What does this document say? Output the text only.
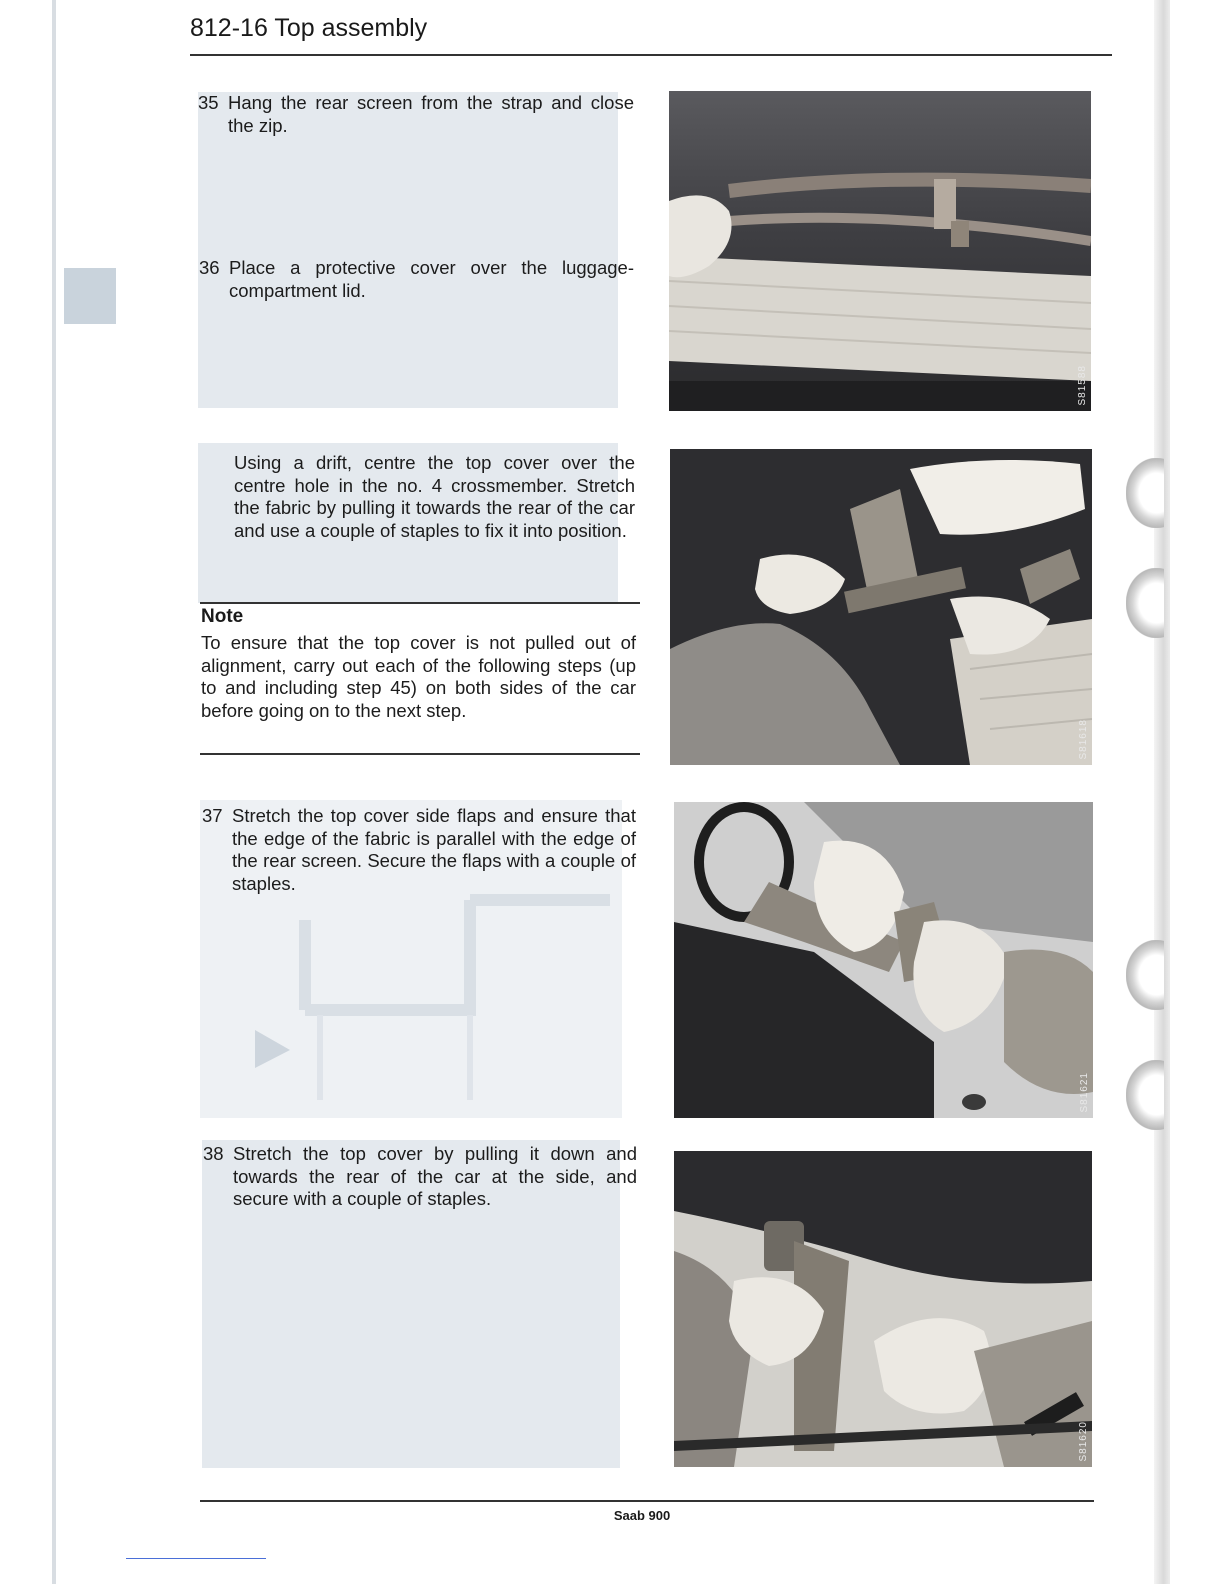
812-16 Top assembly
35 Hang the rear screen from the strap and close the zip.
36 Place a protective cover over the luggage-compartment lid.
Using a drift, centre the top cover over the centre hole in the no. 4 crossmember. Stretch the fabric by pulling it towards the rear of the car and use a couple of staples to fix it into position.
Note
To ensure that the top cover is not pulled out of alignment, carry out each of the following steps (up to and including step 45) on both sides of the car before going on to the next step.
37 Stretch the top cover side flaps and ensure that the edge of the fabric is parallel with the edge of the rear screen. Secure the flaps with a couple of staples.
38 Stretch the top cover by pulling it down and towards the rear of the car at the side, and secure with a couple of staples.
S81588
S81618
S81621
S81620
Saab 900
